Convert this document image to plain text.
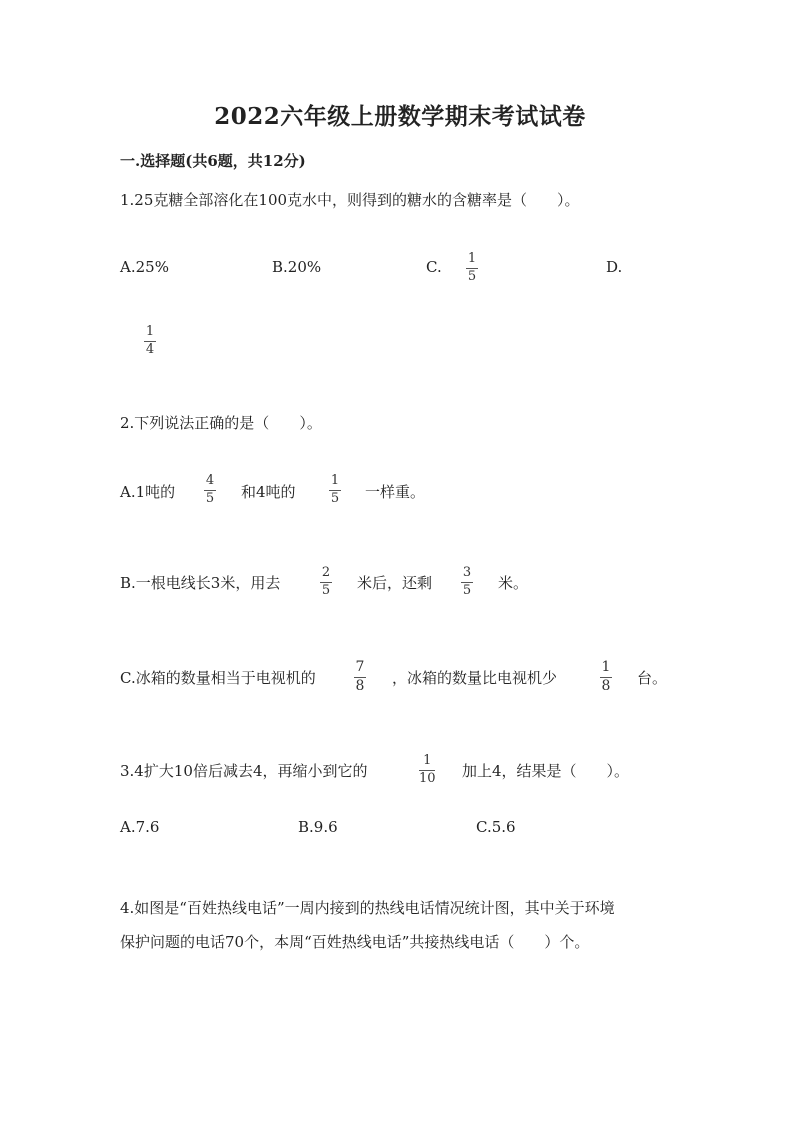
2022六年级上册数学期末考试试卷
一.选择题(共6题，共12分)
1.25克糖全部溶化在100克水中，则得到的糖水的含糖率是（　　）。
A.25%	B.20%	C. 1
5
D.
1
4
2.下列说法正确的是（　　）。
A.1吨的
4
5 和4吨的
1
5 一样重。
B.一根电线长3米，用去
2
5 米后，还剩
3
5 米。
C.冰箱的数量相当于电视机的
7
8 ，冰箱的数量比电视机少
1
8 台。
3.4扩大10倍后减去4，再缩小到它的
1
10 加上4，结果是（　　）。
A.7.6	B.9.6	C.5.6
4.如图是“百姓热线电话”一周内接到的热线电话情况统计图，其中关于环境
保护问题的电话70个，本周“百姓热线电话”共接热线电话（　　）个。
